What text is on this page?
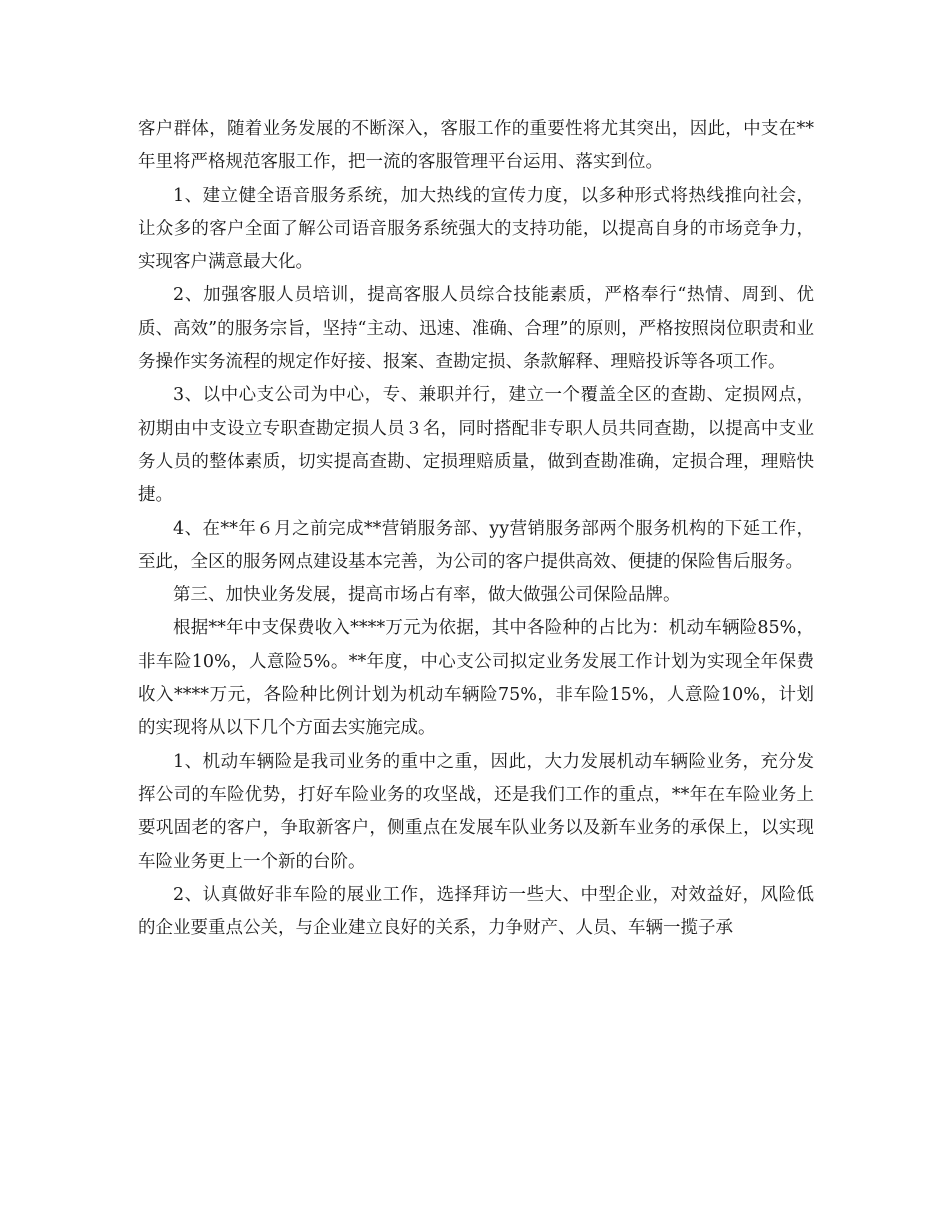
客户群体，随着业务发展的不断深入，客服工作的重要性将尤其突出，因此，中支在**年里将严格规范客服工作，把一流的客服管理平台运用、落实到位。

1、建立健全语音服务系统，加大热线的宣传力度，以多种形式将热线推向社会，让众多的客户全面了解公司语音服务系统强大的支持功能，以提高自身的市场竞争力，实现客户满意最大化。

2、加强客服人员培训，提高客服人员综合技能素质，严格奉行“热情、周到、优质、高效”的服务宗旨，坚持“主动、迅速、准确、合理”的原则，严格按照岗位职责和业务操作实务流程的规定作好接、报案、查勘定损、条款解释、理赔投诉等各项工作。

3、以中心支公司为中心，专、兼职并行，建立一个覆盖全区的查勘、定损网点，初期由中支设立专职查勘定损人员３名，同时搭配非专职人员共同查勘，以提高中支业务人员的整体素质，切实提高查勘、定损理赔质量，做到查勘准确，定损合理，理赔快捷。

4、在**年６月之前完成**营销服务部、yy营销服务部两个服务机构的下延工作，至此，全区的服务网点建设基本完善，为公司的客户提供高效、便捷的保险售后服务。

第三、加快业务发展，提高市场占有率，做大做强公司保险品牌。

根据**年中支保费收入****万元为依据，其中各险种的占比为：机动车辆险85%，非车险10%，人意险5%。**年度，中心支公司拟定业务发展工作计划为实现全年保费收入****万元，各险种比例计划为机动车辆险75%，非车险15%，人意险10%，计划的实现将从以下几个方面去实施完成。

1、机动车辆险是我司业务的重中之重，因此，大力发展机动车辆险业务，充分发挥公司的车险优势，打好车险业务的攻坚战，还是我们工作的重点，**年在车险业务上要巩固老的客户，争取新客户，侧重点在发展车队业务以及新车业务的承保上，以实现车险业务更上一个新的台阶。

2、认真做好非车险的展业工作，选择拜访一些大、中型企业，对效益好，风险低的企业要重点公关，与企业建立良好的关系，力争财产、人员、车辆一揽子承
